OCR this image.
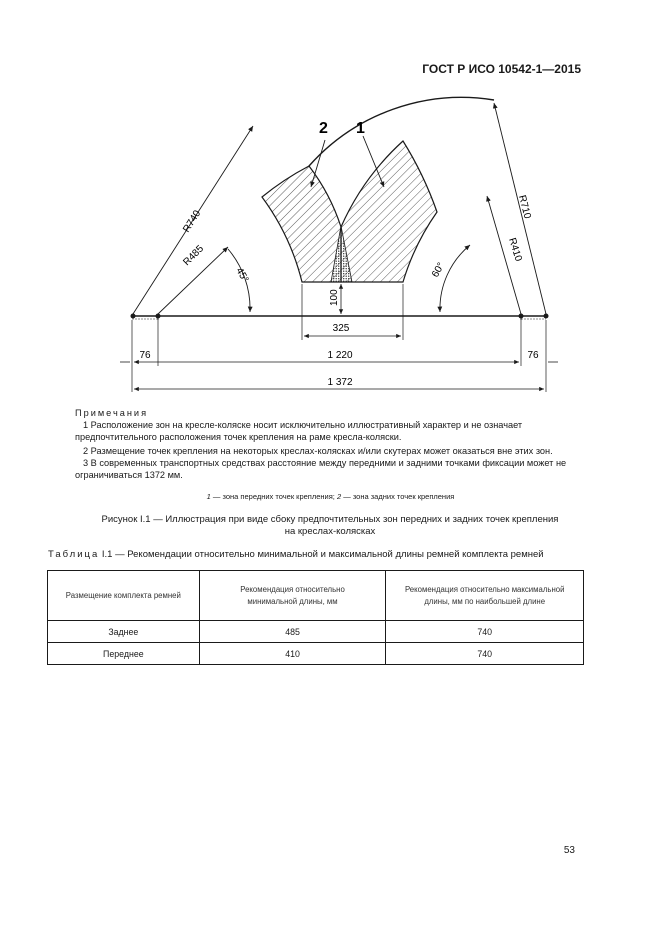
ГОСТ Р ИСО 10542-1—2015
2 1
R740
R485
R710
R410
45°	60°
100
325
76	76
1 220
1 372
Примечания

1 Расположение зон на кресле-коляске носит исключительно иллюстративный характер и не означает предпочтительного расположения точек крепления на раме кресла-коляски.

2 Размещение точек крепления на некоторых креслах-колясках и/или скутерах может оказаться вне этих зон.

3 В современных транспортных средствах расстояние между передними и задними точками фиксации может не ограничиваться 1372 мм.

1 — зона передних точек крепления; 2 — зона задних точек крепления
Рисунок I.1 — Иллюстрация при виде сбоку предпочтительных зон передних и задних точек крепления
на креслах-колясках
Таблица I.1 — Рекомендации относительно минимальной и максимальной длины ремней комплекта ремней
Размещение комплекта ремней	Рекомендация относительно минимальной длины, мм	Рекомендация относительно максимальной длины, мм по наибольшей длине
Заднее	485	740
Переднее	410	740
53
